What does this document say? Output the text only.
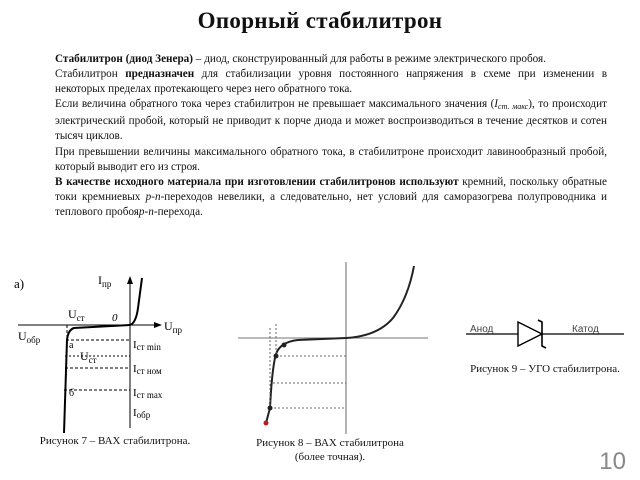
Опорный стабилитрон

Стабилитрон (диод Зенера) – диод, сконструированный для работы в режиме электрического пробоя.

Стабилитрон предназначен для стабилизации уровня постоянного напряжения в схеме при изменении в некоторых пределах протекающего через него обратного тока.

Если величина обратного тока через стабилитрон не превышает максимального значения $(I_{ст. макс})$, то происходит электрический пробой, который не приводит к порче диода и может воспроизводиться в течение десятков и сотен тысяч циклов.

При превышении величины максимального обратного тока, в стабилитроне происходит лавинообразный пробой, который выводит его из строя.

В качестве исходного материала при изготовлении стабилитронов используют кремний, поскольку обратные токи кремниевых p-n-переходов невелики, а следовательно, нет условий для саморазогрева полупроводника и теплового пробояp-n-перехода.

а)	$I_{пр}$
$U_{ст}$ 0
$U_{пр}$
$U_{обр}$	а
б
$U_{ст}$
Iст min
Iст ном
Iст max
Iобр
Рисунок 7 – ВАХ стабилитрона.	Рисунок 8 – ВАХ стабилитрона
(более точная).
Анод	Катод
Рисунок 9 – УГО стабилитрона.
10
